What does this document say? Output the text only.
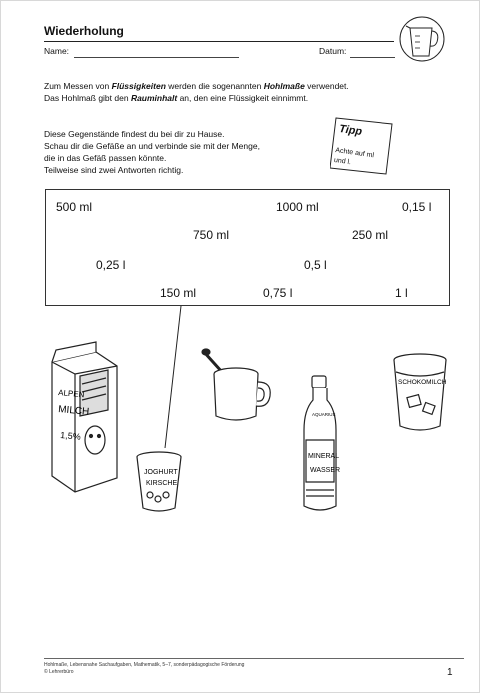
Wiederholung
Name:	Datum:

Zum Messen von Flüssigkeiten werden die sogenannten Hohlmaße verwendet.

Das Hohlmaß gibt den Rauminhalt an, den eine Flüssigkeit einnimmt.

Diese Gegenstände findest du bei dir zu Hause.

Schau dir die Gefäße an und verbinde sie mit der Menge,

die in das Gefäß passen könnte.

Teilweise sind zwei Antworten richtig.

Tipp
Achte auf ml
und l.
500 ml	1000 ml	0,15 l
750 ml	250 ml
0,25 l	0,5 l
150 ml	0,75 l	1 l
ALPEN
MILCH
1,5%
JOGHURT
KIRSCHE
AQUARIUS
MINERAL
WASSER
SCHOKOMILCH
Hohlmaße, Lebensnahe Sachaufgaben, Mathematik, 5–7, sonderpädagogische Förderung
© Lehrerbüro	1
